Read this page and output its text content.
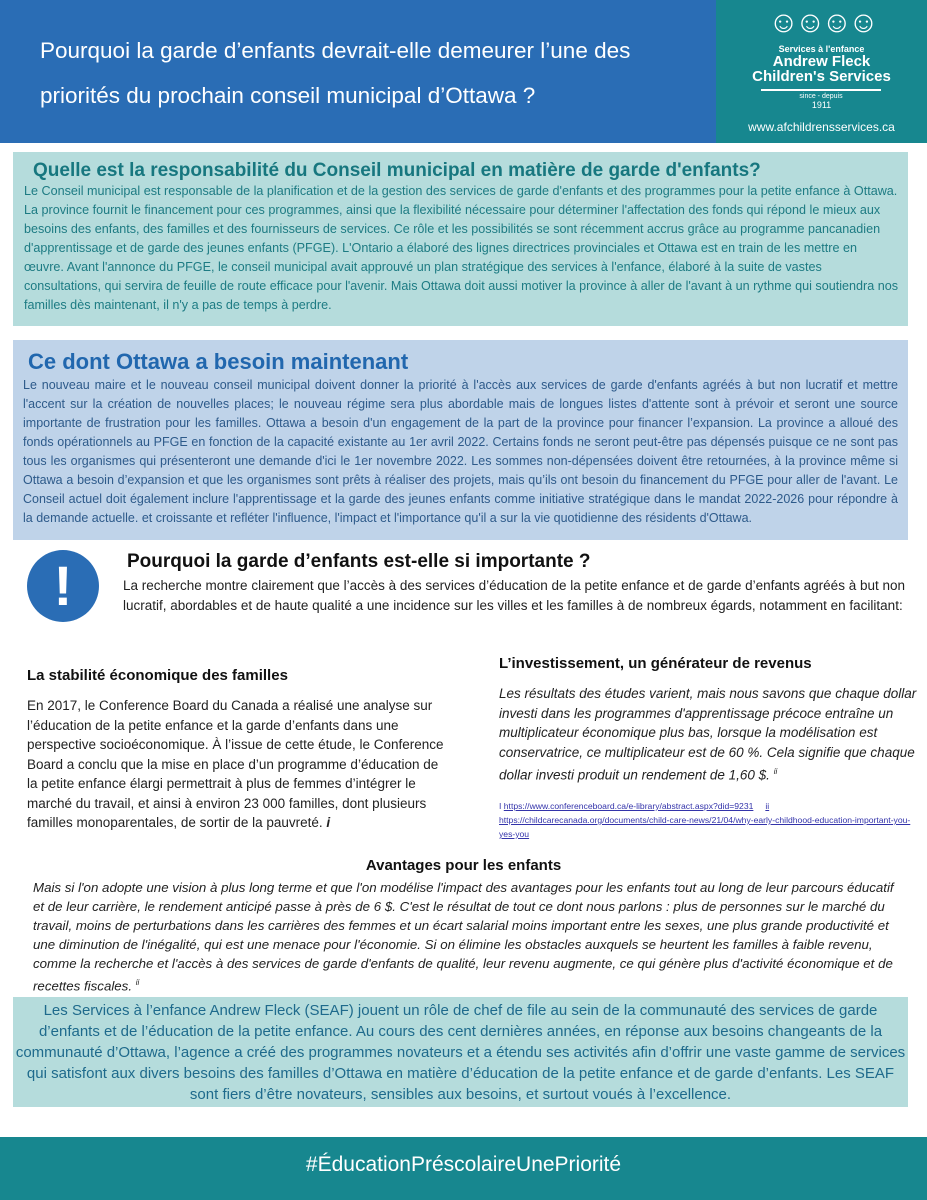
Pourquoi la garde d’enfants devrait-elle demeurer l’une des priorités du prochain conseil municipal d’Ottawa ?
☺☺☺☺
Services à l'enfance
Andrew Fleck
Children's Services
since - depuis
1911
www.afchildrensservices.ca
Quelle est la responsabilité du Conseil municipal en matière de garde d'enfants?

Le Conseil municipal est responsable de la planification et de la gestion des services de garde d'enfants et des programmes pour la petite enfance à Ottawa. La province fournit le financement pour ces programmes, ainsi que la flexibilité nécessaire pour déterminer l'affectation des fonds qui répond le mieux aux besoins des enfants, des familles et des fournisseurs de services. Ce rôle et les possibilités se sont récemment accrus grâce au programme pancanadien d'apprentissage et de garde des jeunes enfants (PFGE). L'Ontario a élaboré des lignes directrices provinciales et Ottawa est en train de les mettre en œuvre. Avant l'annonce du PFGE, le conseil municipal avait approuvé un plan stratégique des services à l'enfance, élaboré à la suite de vastes consultations, qui servira de feuille de route efficace pour l'avenir. Mais Ottawa doit aussi motiver la province à aller de l'avant à un rythme qui soutiendra nos familles dès maintenant, il n'y a pas de temps à perdre.

Ce dont Ottawa a besoin maintenant

Le nouveau maire et le nouveau conseil municipal doivent donner la priorité à l'accès aux services de garde d'enfants agréés à but non lucratif et mettre l'accent sur la création de nouvelles places; le nouveau régime sera plus abordable mais de longues listes d'attente sont à prévoir et seront une source importante de frustration pour les familles. Ottawa a besoin d'un engagement de la part de la province pour financer l’expansion. La province a alloué des fonds opérationnels au PFGE en fonction de la capacité existante au 1er avril 2022. Certains fonds ne seront peut-être pas dépensés puisque ce ne sont pas tous les organismes qui présenteront une demande d'ici le 1er novembre 2022. Les sommes non-dépensées doivent être retournées, à la province même si Ottawa a besoin d’expansion et que les organismes sont prêts à réaliser des projets, mais qu’ils ont besoin du financement du PFGE pour aller de l'avant. Le Conseil actuel doit également inclure l'apprentissage et la garde des jeunes enfants comme initiative stratégique dans le mandat 2022-2026 pour répondre à la demande actuelle. et croissante et refléter l'influence, l'impact et l'importance qu'il a sur la vie quotidienne des résidents d'Ottawa.

!	Pourquoi la garde d’enfants est-elle si importante ?

La recherche montre clairement que l’accès à des services d’éducation de la petite enfance et de garde d’enfants agréés à but non lucratif, abordables et de haute qualité a une incidence sur les villes et les familles à de nombreux égards, notamment en facilitant:

La stabilité économique des familles

En 2017, le Conference Board du Canada a réalisé une analyse sur l’éducation de la petite enfance et la garde d’enfants dans une perspective socioéconomique. À l’issue de cette étude, le Conference Board a conclu que la mise en place d’un programme d’éducation de la petite enfance élargi permettrait à plus de femmes d’intégrer le marché du travail, et ainsi à environ 23 000 familles, dont plusieurs familles monoparentales, de sortir de la pauvreté. i

L’investissement, un générateur de revenus

Les résultats des études varient, mais nous savons que chaque dollar investi dans les programmes d'apprentissage précoce entraîne un multiplicateur économique plus bas, lorsque la modélisation est conservatrice, ce multiplicateur est de 60 %. Cela signifie que chaque dollar investi produit un rendement de 1,60 $. $^{ii}$

I https://www.conferenceboard.ca/e-library/abstract.aspx?did=9231 ii https://childcarecanada.org/documents/child-care-news/21/04/why-early-childhood-education-important-you-yes-you
Avantages pour les enfants

Mais si l'on adopte une vision à plus long terme et que l'on modélise l'impact des avantages pour les enfants tout au long de leur parcours éducatif et de leur carrière, le rendement anticipé passe à près de 6 $. C'est le résultat de tout ce dont nous parlons : plus de personnes sur le marché du travail, moins de perturbations dans les carrières des femmes et un écart salarial moins important entre les sexes, une plus grande productivité et une diminution de l'inégalité, qui est une menace pour l'économie. Si on élimine les obstacles auxquels se heurtent les familles à faible revenu, comme la recherche et l'accès à des services de garde d'enfants de qualité, leur revenu augmente, ce qui génère plus d'activité économique et de recettes fiscales. $^{ii}$

Les Services à l’enfance Andrew Fleck (SEAF) jouent un rôle de chef de file au sein de la communauté des services de garde d’enfants et de l’éducation de la petite enfance. Au cours des cent dernières années, en réponse aux besoins changeants de la communauté d’Ottawa, l’agence a créé des programmes novateurs et a étendu ses activités afin d’offrir une vaste gamme de services qui satisfont aux divers besoins des familles d’Ottawa en matière d’éducation de la petite enfance et de garde d’enfants. Les SEAF sont fiers d’être novateurs, sensibles aux besoins, et surtout voués à l’excellence.

#ÉducationPréscolaireUnePriorité
